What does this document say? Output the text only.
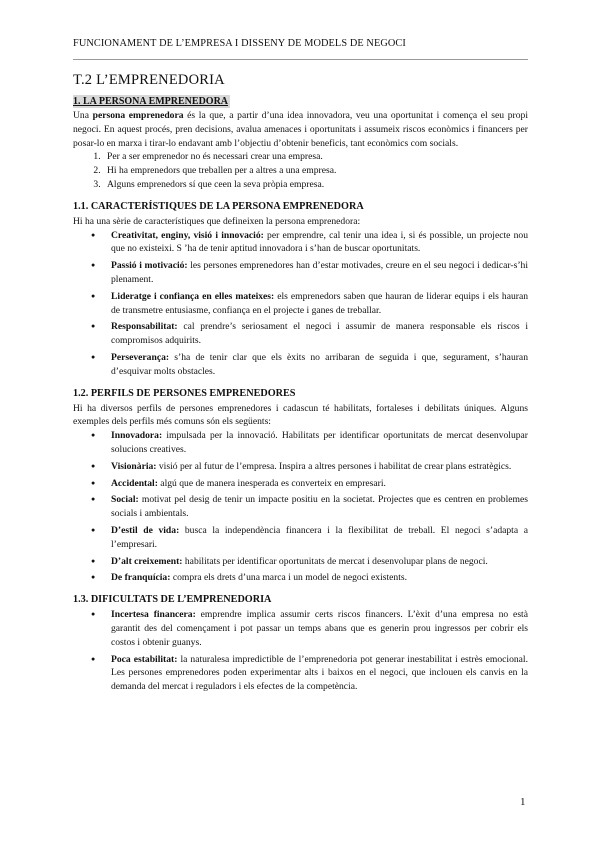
FUNCIONAMENT DE L’EMPRESA I DISSENY DE MODELS DE NEGOCI
T.2 L’EMPRENEDORIA
1. LA PERSONA EMPRENEDORA

Una persona emprenedora és la que, a partir d’una idea innovadora, veu una oportunitat i comença el seu propi negoci. En aquest procés, pren decisions, avalua amenaces i oportunitats i assumeix riscos econòmics i financers per posar-lo en marxa i tirar-lo endavant amb l’objectiu d’obtenir beneficis, tant econòmics com socials.

1. Per a ser emprenedor no és necessari crear una empresa.
2. Hi ha emprenedors que treballen per a altres a una empresa.
3. Alguns emprenedors sí que ceen la seva pròpia empresa.
1.1. CARACTERÍSTIQUES DE LA PERSONA EMPRENEDORA

Hi ha una sèrie de característiques que defineixen la persona emprenedora:

● Creativitat, enginy, visió i innovació: per emprendre, cal tenir una idea i, si és possible, un projecte nou que no existeixi. S ’ha de tenir aptitud innovadora i s’han de buscar oportunitats.
● Passió i motivació: les persones emprenedores han d’estar motivades, creure en el seu negoci i dedicar-s’hi plenament.
● Lideratge i confiança en elles mateixes: els emprenedors saben que hauran de liderar equips i els hauran de transmetre entusiasme, confiança en el projecte i ganes de treballar.
● Responsabilitat: cal prendre’s seriosament el negoci i assumir de manera responsable els riscos i compromisos adquirits.
● Perseverança: s’ha de tenir clar que els èxits no arribaran de seguida i que, segurament, s’hauran d’esquivar molts obstacles.
1.2. PERFILS DE PERSONES EMPRENEDORES

Hi ha diversos perfils de persones emprenedores i cadascun té habilitats, fortaleses i debilitats úniques. Alguns exemples dels perfils més comuns són els següents:

● Innovadora: impulsada per la innovació. Habilitats per identificar oportunitats de mercat desenvolupar solucions creatives.
● Visionària: visió per al futur de l’empresa. Inspira a altres persones i habilitat de crear plans estratègics.
● Accidental: algú que de manera inesperada es converteix en empresari.
● Social: motivat pel desig de tenir un impacte positiu en la societat. Projectes que es centren en problemes socials i ambientals.
● D’estil de vida: busca la independència financera i la flexibilitat de treball. El negoci s’adapta a l’empresari.
● D’alt creixement: habilitats per identificar oportunitats de mercat i desenvolupar plans de negoci.
● De franquícia: compra els drets d’una marca i un model de negoci existents.
1.3. DIFICULTATS DE L’EMPRENEDORIA
● Incertesa financera: emprendre implica assumir certs riscos financers. L’èxit d’una empresa no està garantit des del començament i pot passar un temps abans que es generin prou ingressos per cobrir els costos i obtenir guanys.
● Poca estabilitat: la naturalesa impredictible de l’emprenedoria pot generar inestabilitat i estrès emocional. Les persones emprenedores poden experimentar alts i baixos en el negoci, que inclouen els canvis en la demanda del mercat i reguladors i els efectes de la competència.
1
